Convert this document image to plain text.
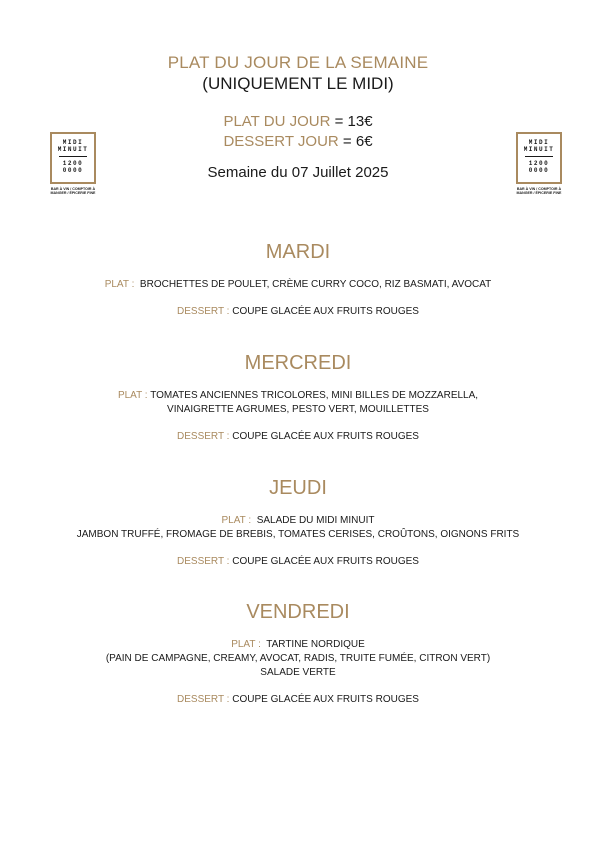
PLAT DU JOUR DE LA SEMAINE
(UNIQUEMENT LE MIDI)
PLAT DU JOUR = 13€
DESSERT JOUR = 6€
Semaine du 07 Juillet 2025
MIDI
MINUIT
1200
0000
BAR À VIN / COMPTOIR À
MANGER / ÉPICERIE FINE
MIDI
MINUIT
1200
0000
BAR À VIN / COMPTOIR À
MANGER / ÉPICERIE FINE
MARDI
PLAT : BROCHETTES DE POULET, CRÈME CURRY COCO, RIZ BASMATI, AVOCAT
DESSERT : COUPE GLACÉE AUX FRUITS ROUGES
MERCREDI
PLAT : TOMATES ANCIENNES TRICOLORES, MINI BILLES DE MOZZARELLA,
VINAIGRETTE AGRUMES, PESTO VERT, MOUILLETTES
DESSERT : COUPE GLACÉE AUX FRUITS ROUGES
JEUDI
PLAT : SALADE DU MIDI MINUIT
JAMBON TRUFFÉ, FROMAGE DE BREBIS, TOMATES CERISES, CROÛTONS, OIGNONS FRITS
DESSERT : COUPE GLACÉE AUX FRUITS ROUGES
VENDREDI
PLAT : TARTINE NORDIQUE
(PAIN DE CAMPAGNE, CREAMY, AVOCAT, RADIS, TRUITE FUMÉE, CITRON VERT)
SALADE VERTE
DESSERT : COUPE GLACÉE AUX FRUITS ROUGES
